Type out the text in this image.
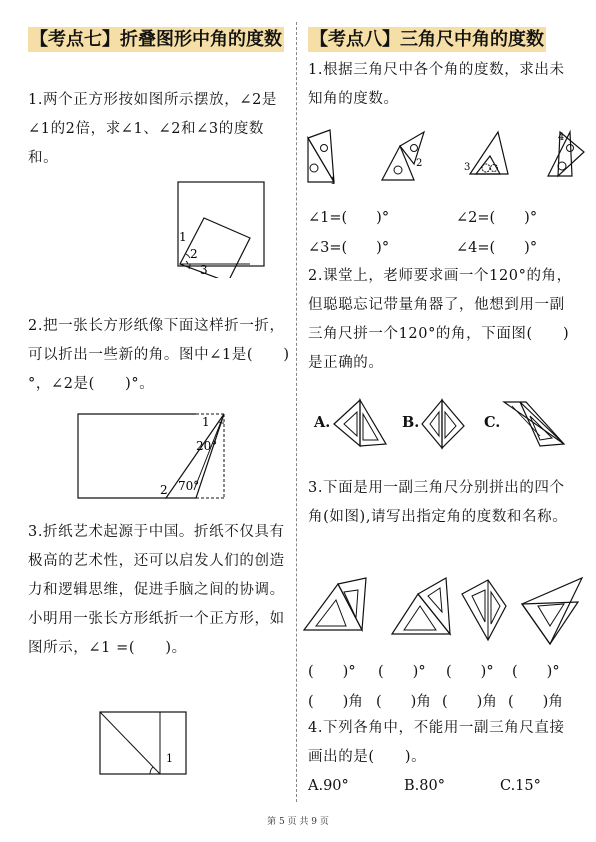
【考点七】折叠图形中角的度数
1.两个正方形按如图所示摆放，∠2是∠1的2倍，求∠1、∠2和∠3的度数和。
1
2
3
2.把一张长方形纸像下面这样折一折，可以折出一些新的角。图中∠1是(　　)°，∠2是(　　)°。
1
20°
2 70°
3.折纸艺术起源于中国。折纸不仅具有极高的艺术性，还可以启发人们的创造力和逻辑思维，促进手脑之间的协调。小明用一张长方形纸折一个正方形，如图所示，∠1 =(　　)。
1
【考点八】三角尺中角的度数
1.根据三角尺中各个角的度数，求出未知角的度数。
1
2	3
4
∠1=(　　)°	∠2=(　　)°
∠3=(　　)°	∠4=(　　)°
2.课堂上，老师要求画一个120°的角，但聪聪忘记带量角器了，他想到用一副三角尺拼一个120°的角，下面图(　　)是正确的。
A.	B.	C.
3.下面是用一副三角尺分别拼出的四个角(如图),请写出指定角的度数和名称。
(　　)°	(　　)°	(　　)°	(　　)°
(　　)角 (　　)角 (　　)角 (　　)角
4.下列各角中，不能用一副三角尺直接画出的是(　　)。
A.90°	B.80°	C.15°
第 5 页 共 9 页
